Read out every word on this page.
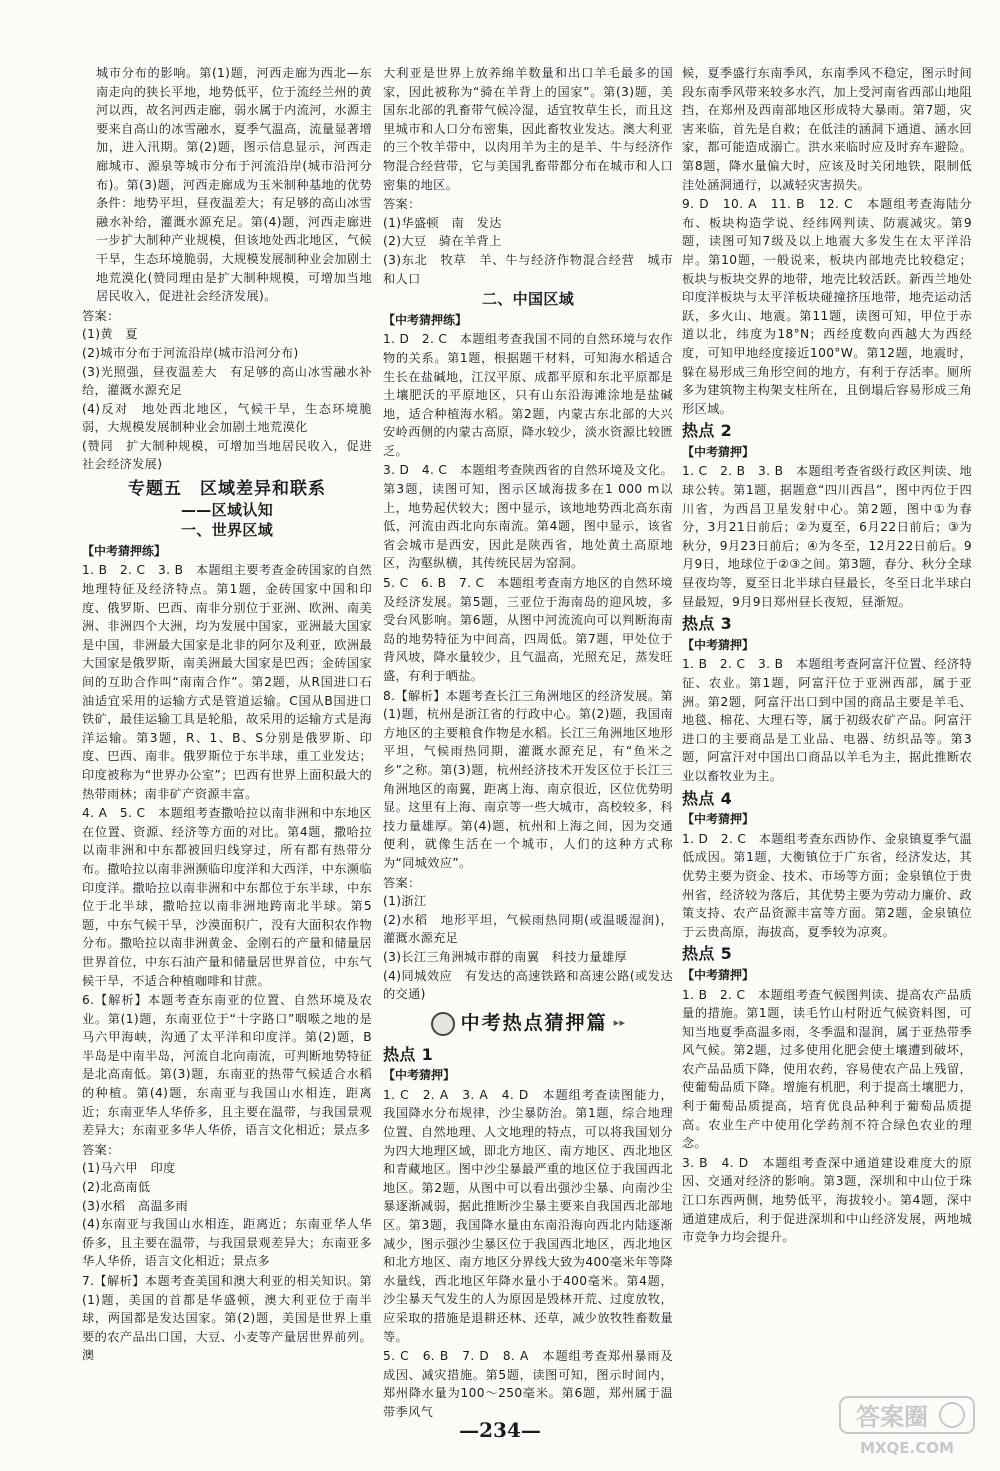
城市分布的影响。第(1)题，河西走廊为西北—东南走向的狭长平地，地势低平，位于流经兰州的黄河以西，故名河西走廊，弱水属于内流河，水源主要来自高山的冰雪融水，夏季气温高，流量显著增加，进入汛期。第(2)题，图示信息显示，河西走廊城市、源泉等城市分布于河流沿岸(城市沿河分布)。第(3)题，河西走廊成为玉米制种基地的优势条件：地势平坦，昼夜温差大；有足够的高山冰雪融水补给，灌溉水源充足。第(4)题，河西走廊进一步扩大制种产业规模，但该地处西北地区，气候干旱，生态环境脆弱，大规模发展制种业会加剧土地荒漠化(赞同理由是扩大制种规模，可增加当地居民收入，促进社会经济发展)。

答案：

(1)黄　夏

(2)城市分布于河流沿岸(城市沿河分布)

(3)光照强，昼夜温差大　有足够的高山冰雪融水补给，灌溉水源充足

(4)反对　地处西北地区，气候干旱，生态环境脆弱，大规模发展制种业会加剧土地荒漠化

(赞同　扩大制种规模，可增加当地居民收入，促进社会经济发展)

专题五　区域差异和联系
——区域认知
一、世界区域
【中考猜押练】

1. B　2. C　3. B　本题组主要考查金砖国家的自然地理特征及经济特点。第1题，金砖国家中国和印度、俄罗斯、巴西、南非分别位于亚洲、欧洲、南美洲、非洲四个大洲，均为发展中国家，亚洲最大国家是中国，非洲最大国家是北非的阿尔及利亚，欧洲最大国家是俄罗斯，南美洲最大国家是巴西；金砖国家间的互助合作叫“南南合作”。第2题，从R国进口石油适宜采用的运输方式是管道运输。C国从B国进口铁矿，最佳运输工具是轮船，故采用的运输方式是海洋运输。第3题，R、1、B、S分别是俄罗斯、印度、巴西、南非。俄罗斯位于东半球，重工业发达；印度被称为“世界办公室”；巴西有世界上面积最大的热带雨林；南非矿产资源丰富。

4. A　5. C　本题组考查撒哈拉以南非洲和中东地区在位置、资源、经济等方面的对比。第4题，撒哈拉以南非洲和中东都被回归线穿过，所有都有热带分布。撒哈拉以南非洲濒临印度洋和大西洋，中东濒临印度洋。撒哈拉以南非洲和中东都位于东半球，中东位于北半球，撒哈拉以南非洲地跨南北半球。第5题，中东气候干旱，沙漠面积广，没有大面积农作物分布。撒哈拉以南非洲黄金、金刚石的产量和储量居世界首位，中东石油产量和储量居世界首位，中东气候干旱，不适合种植咖啡和甘蔗。

6.【解析】本题考查东南亚的位置、自然环境及农业。第(1)题，东南亚位于“十字路口”咽喉之地的是马六甲海峡，沟通了太平洋和印度洋。第(2)题，B半岛是中南半岛，河流自北向南流，可判断地势特征是北高南低。第(3)题，东南亚的热带气候适合水稻的种植。第(4)题，东南亚与我国山水相连，距离近；东南亚华人华侨多，且主要在温带，与我国景观差异大；东南亚多华人华侨，语言文化相近；景点多

答案：

(1)马六甲　印度

(2)北高南低

(3)水稻　高温多雨

(4)东南亚与我国山水相连，距离近；东南亚华人华侨多，且主要在温带，与我国景观差异大；东南亚多华人华侨，语言文化相近；景点多

7.【解析】本题考查美国和澳大利亚的相关知识。第(1)题，美国的首都是华盛顿，澳大利亚位于南半球，两国都是发达国家。第(2)题，美国是世界上重要的农产品出口国，大豆、小麦等产量居世界前列。澳

大利亚是世界上放养绵羊数量和出口羊毛最多的国家，因此被称为“骑在羊背上的国家”。第(3)题，美国东北部的乳畜带气候冷湿，适宜牧草生长，而且这里城市和人口分布密集，因此畜牧业发达。澳大利亚的三个牧羊带中，以肉用羊为主的是羊、牛与经济作物混合经营带，它与美国乳畜带都分布在城市和人口密集的地区。

答案：

(1)华盛顿　南　发达

(2)大豆　骑在羊背上

(3)东北　牧草　羊、牛与经济作物混合经营　城市和人口

二、中国区域
【中考猜押练】

1. D　2. C　本题组考查我国不同的自然环境与农作物的关系。第1题，根据题干材料，可知海水稻适合生长在盐碱地，江汉平原、成都平原和东北平原都是土壤肥沃的平原地区，只有山东沿海滩涂地是盐碱地，适合种植海水稻。第2题，内蒙古东北部的大兴安岭西侧的内蒙古高原，降水较少，淡水资源比较匮乏。

3. D　4. C　本题组考查陕西省的自然环境及文化。第3题，读图可知，图示区域海拔多在1 000 m以上，地势起伏较大；图中显示，该地地势西北高东南低，河流由西北向东南流。第4题，图中显示，该省省会城市是西安，因此是陕西省，地处黄土高原地区，沟壑纵横，其传统民居为窑洞。

5. C　6. B　7. C　本题组考查南方地区的自然环境及经济发展。第5题，三亚位于海南岛的迎风坡，多受台风影响。第6题，从图中河流流向可以判断海南岛的地势特征为中间高，四周低。第7题，甲处位于背风坡，降水量较少，且气温高，光照充足，蒸发旺盛，有利于晒盐。

8.【解析】本题考查长江三角洲地区的经济发展。第(1)题，杭州是浙江省的行政中心。第(2)题，我国南方地区的主要粮食作物是水稻。长江三角洲地区地形平坦，气候雨热同期，灌溉水源充足，有“鱼米之乡”之称。第(3)题，杭州经济技术开发区位于长江三角洲地区的南翼，距离上海、南京很近，区位优势明显。这里有上海、南京等一些大城市，高校较多，科技力量雄厚。第(4)题，杭州和上海之间，因为交通便利，就像生活在一个城市，人们的这种方式称为“同城效应”。

答案：

(1)浙江

(2)水稻　地形平坦，气候雨热同期(或温暖湿润)，灌溉水源充足

(3)长江三角洲城市群的南翼　科技力量雄厚

(4)同城效应　有发达的高速铁路和高速公路(或发达的交通)

中考热点猜押篇 ▸▸
热点 1
【中考猜押】

1. C　2. A　3. A　4. D　本题组考查读图能力，我国降水分布规律，沙尘暴防治。第1题，综合地理位置、自然地理、人文地理的特点，可以将我国划分为四大地理区域，即北方地区、南方地区、西北地区和青藏地区。图中沙尘暴最严重的地区位于我国西北地区。第2题，从图中可以看出强沙尘暴、向南沙尘暴逐渐减弱，据此推断沙尘暴主要来自我国西北部地区。第3题，我国降水量由东南沿海向西北内陆逐渐减少，图示强沙尘暴区位于我国西北地区，西北地区和北方地区、南方地区分界线大致为400毫米年等降水量线，西北地区年降水量小于400毫米。第4题，沙尘暴天气发生的人为原因是毁林开荒、过度放牧，应采取的措施是退耕还林、还草，减少放牧牲畜数量等。

5. C　6. B　7. D　8. A　本题组考查郑州暴雨及成因、减灾措施。第5题，读图可知，图示时间内，郑州降水量为100～250毫米。第6题，郑州属于温带季风气

候，夏季盛行东南季风，东南季风不稳定，图示时间段东南季风带来较多水汽，加上受河南省西部山地阻挡，在郑州及西南部地区形成特大暴雨。第7题，灾害来临，首先是自救；在低洼的涵洞下通道、涵水回家，都可能造成溺亡。洪水来临时应及时弃车避险。第8题，降水量偏大时，应该及时关闭地铁，限制低洼处涵洞通行，以减轻灾害损失。

9. D　10. A　11. B　12. C　本题组考查海陆分布、板块构造学说、经纬网判读、防震减灾。第9题，读图可知7级及以上地震大多发生在太平洋沿岸。第10题，一般说来，板块内部地壳比较稳定；板块与板块交界的地带，地壳比较活跃。新西兰地处印度洋板块与太平洋板块碰撞挤压地带，地壳运动活跃，多火山、地震。第11题，读图可知，甲位于赤道以北，纬度为18°N；西经度数向西越大为西经度，可知甲地经度接近100°W。第12题，地震时，躲在易形成三角形空间的地方，有利于存活率。厕所多为建筑物主构架支柱所在，且倒塌后容易形成三角形区域。

热点 2
【中考猜押】

1. C　2. B　3. B　本题组考查省级行政区判读、地球公转。第1题，据题意“四川西昌”，图中丙位于四川省，为西昌卫星发射中心。第2题，图中①为春分，3月21日前后；②为夏至，6月22日前后；③为秋分，9月23日前后；④为冬至，12月22日前后。9月9日，地球位于②③之间。第3题，春分、秋分全球昼夜均等，夏至日北半球白昼最长，冬至日北半球白昼最短，9月9日郑州昼长夜短，昼渐短。

热点 3
【中考猜押】

1. B　2. C　3. B　本题组考查阿富汗位置、经济特征、农业。第1题，阿富汗位于亚洲西部，属于亚洲。第2题，阿富汗出口到中国的商品主要是羊毛、地毯、棉花、大理石等，属于初级农矿产品。阿富汗进口的主要商品是工业品、电器、纺织品等。第3题，阿富汗对中国出口商品以羊毛为主，据此推断农业以畜牧业为主。

热点 4
【中考猜押】

1. D　2. C　本题组考查东西协作、金泉镇夏季气温低成因。第1题，大衡镇位于广东省，经济发达，其优势主要为资金、技术、市场等方面；金泉镇位于贵州省，经济较为落后，其优势主要为劳动力廉价、政策支持、农产品资源丰富等方面。第2题，金泉镇位于云贵高原，海拔高，夏季较为凉爽。

热点 5
【中考猜押】

1. B　2. C　本题组考查气候图判读、提高农产品质量的措施。第1题，读毛竹山村附近气候资料图，可知当地夏季高温多雨，冬季温和湿润，属于亚热带季风气候。第2题，过多使用化肥会使土壤遭到破坏，农产品品质下降，使用农药，容易使农产品上残留，使葡萄品质下降。增施有机肥，利于提高土壤肥力，利于葡萄品质提高，培育优良品种利于葡萄品质提高。农业生产中使用化学药剂不符合绿色农业的理念。

3. B　4. D　本题组考查深中通道建设难度大的原因、交通对经济的影响。第3题，深圳和中山位于珠江口东西两侧，地势低平，海拔较小。第4题，深中通道建成后，利于促进深圳和中山经济发展，两地城市竞争力均会提升。

—234—	答案圈
MXQE.COM
